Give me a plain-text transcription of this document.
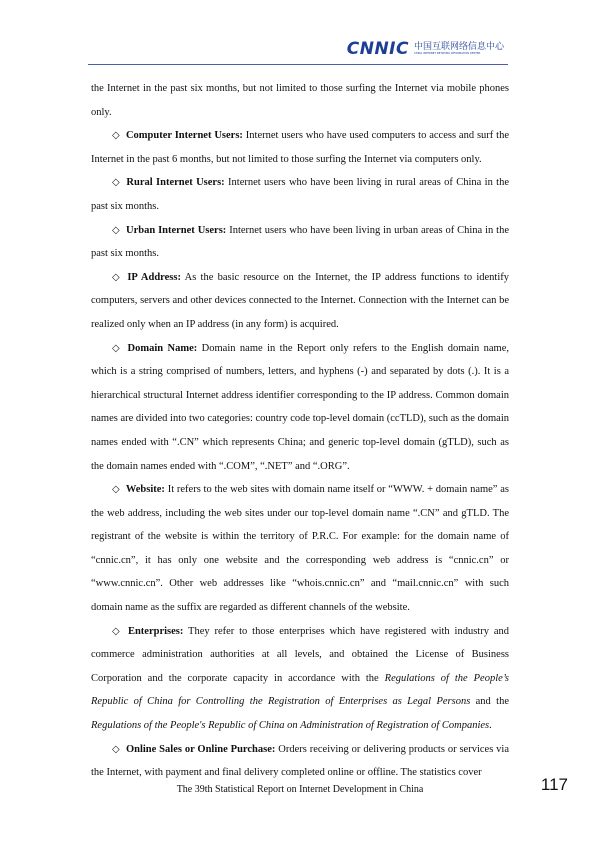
CNNIC 中国互联网络信息中心
CHINA INTERNET NETWORK INFORMATION CENTER

the Internet in the past six months, but not limited to those surfing the Internet via mobile phones only.

◇ Computer Internet Users: Internet users who have used computers to access and surf the Internet in the past 6 months, but not limited to those surfing the Internet via computers only.

◇ Rural Internet Users: Internet users who have been living in rural areas of China in the past six months.

◇ Urban Internet Users: Internet users who have been living in urban areas of China in the past six months.

◇ IP Address: As the basic resource on the Internet, the IP address functions to identify computers, servers and other devices connected to the Internet. Connection with the Internet can be realized only when an IP address (in any form) is acquired.

◇ Domain Name: Domain name in the Report only refers to the English domain name, which is a string comprised of numbers, letters, and hyphens (-) and separated by dots (.). It is a hierarchical structural Internet address identifier corresponding to the IP address. Common domain names are divided into two categories: country code top-level domain (ccTLD), such as the domain names ended with “.CN” which represents China; and generic top-level domain (gTLD), such as the domain names ended with “.COM”, “.NET” and “.ORG”.

◇ Website: It refers to the web sites with domain name itself or “WWW. + domain name” as the web address, including the web sites under our top-level domain name “.CN” and gTLD. The registrant of the website is within the territory of P.R.C. For example: for the domain name of “cnnic.cn”, it has only one website and the corresponding web address is “cnnic.cn” or “www.cnnic.cn”. Other web addresses like “whois.cnnic.cn” and “mail.cnnic.cn” with such domain name as the suffix are regarded as different channels of the website.

◇ Enterprises: They refer to those enterprises which have registered with industry and commerce administration authorities at all levels, and obtained the License of Business Corporation and the corporate capacity in accordance with the Regulations of the People’s Republic of China for Controlling the Registration of Enterprises as Legal Persons and the Regulations of the People's Republic of China on Administration of Registration of Companies.

◇ Online Sales or Online Purchase: Orders receiving or delivering products or services via the Internet, with payment and final delivery completed online or offline. The statistics cover

The 39th Statistical Report on Internet Development in China	117
